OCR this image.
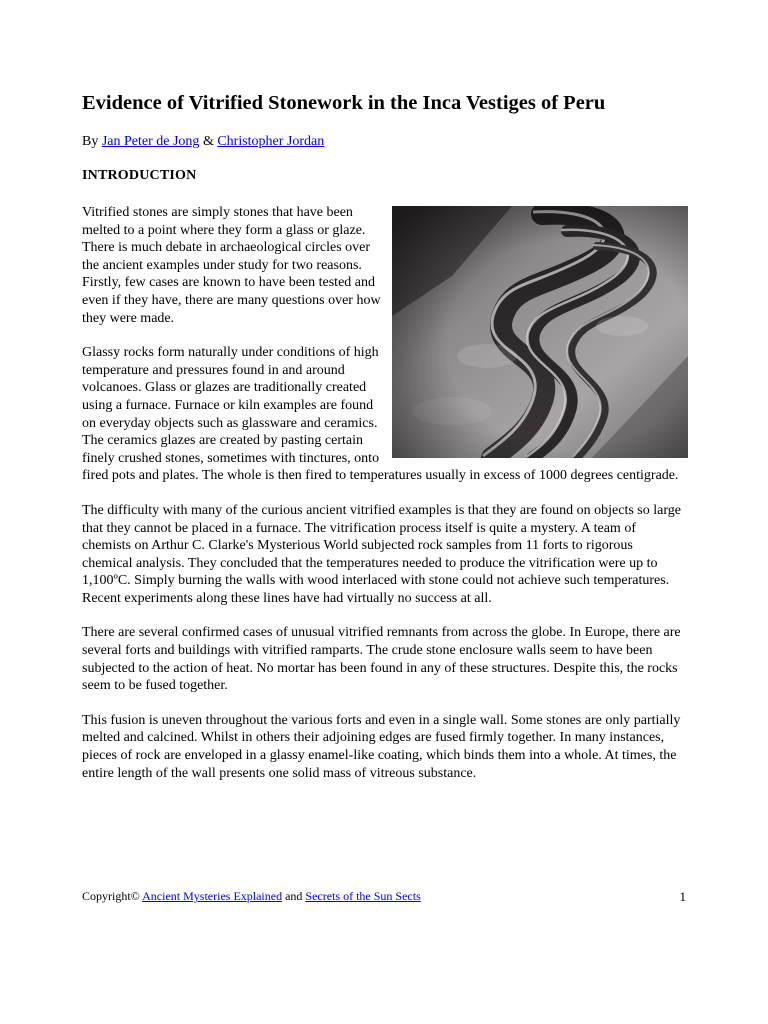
Evidence of Vitrified Stonework in the Inca Vestiges of Peru
By Jan Peter de Jong & Christopher Jordan
INTRODUCTION

Vitrified stones are simply stones that have been melted to a point where they form a glass or glaze. There is much debate in archaeological circles over the ancient examples under study for two reasons. Firstly, few cases are known to have been tested and even if they have, there are many questions over how they were made.

Glassy rocks form naturally under conditions of high temperature and pressures found in and around volcanoes. Glass or glazes are traditionally created using a furnace. Furnace or kiln examples are found on everyday objects such as glassware and ceramics. The ceramics glazes are created by pasting certain finely crushed stones, sometimes with tinctures, onto fired pots and plates. The whole is then fired to temperatures usually in excess of 1000 degrees centigrade.

The difficulty with many of the curious ancient vitrified examples is that they are found on objects so large that they cannot be placed in a furnace. The vitrification process itself is quite a mystery. A team of chemists on Arthur C. Clarke's Mysterious World subjected rock samples from 11 forts to rigorous chemical analysis. They concluded that the temperatures needed to produce the vitrification were up to 1,100ºC. Simply burning the walls with wood interlaced with stone could not achieve such temperatures. Recent experiments along these lines have had virtually no success at all.

There are several confirmed cases of unusual vitrified remnants from across the globe. In Europe, there are several forts and buildings with vitrified ramparts. The crude stone enclosure walls seem to have been subjected to the action of heat. No mortar has been found in any of these structures. Despite this, the rocks seem to be fused together.

This fusion is uneven throughout the various forts and even in a single wall. Some stones are only partially melted and calcined. Whilst in others their adjoining edges are fused firmly together. In many instances, pieces of rock are enveloped in a glassy enamel-like coating, which binds them into a whole. At times, the entire length of the wall presents one solid mass of vitreous substance.

Copyright© Ancient Mysteries Explained and Secrets of the Sun Sects	1
